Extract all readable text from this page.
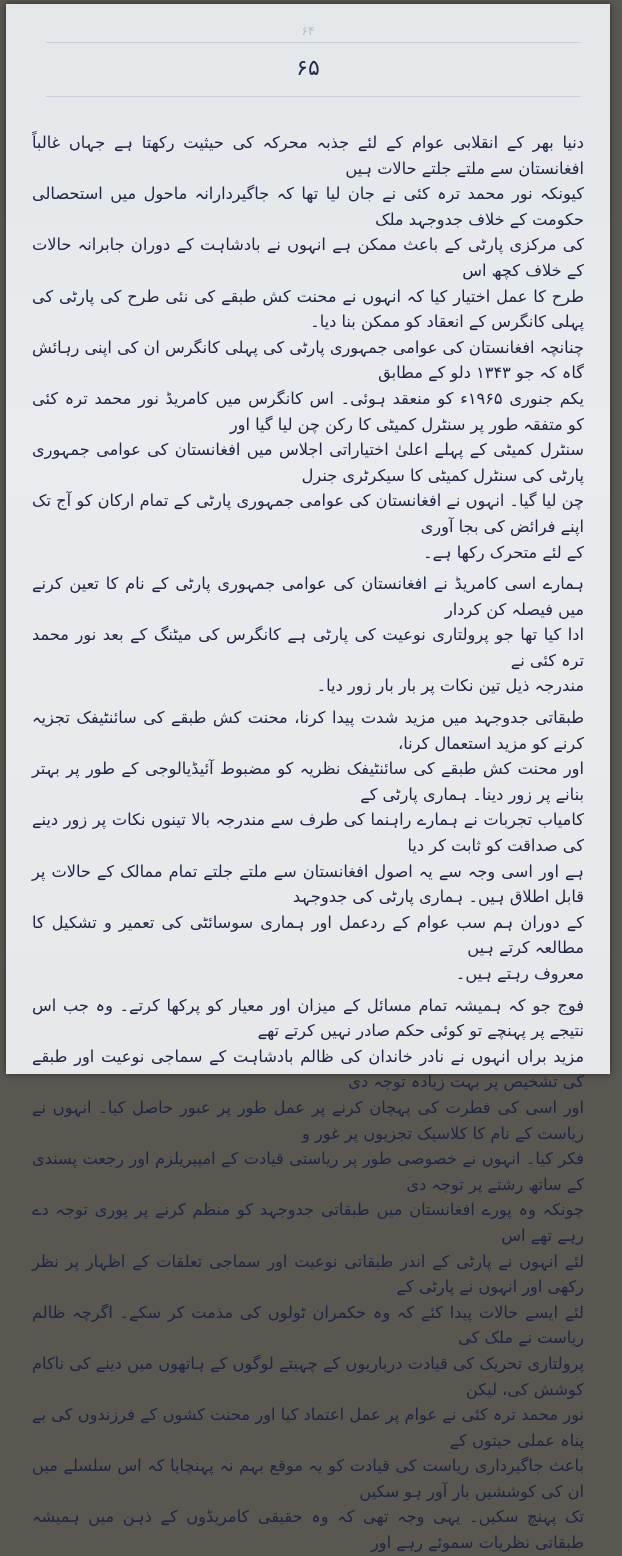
۶۴
۶۵

دنیا بھر کے انقلابی عوام کے لئے جذبہ محرکہ کی حیثیت رکھتا ہے جہاں غالباً افغانستان سے ملتے جلتے حالات ہیں
کیونکہ نور محمد ترہ کئی نے جان لیا تھا کہ جاگیردارانہ ماحول میں استحصالی حکومت کے خلاف جدوجہد ملک
کی مرکزی پارٹی کے باعث ممکن ہے انہوں نے بادشاہت کے دوران جابرانہ حالات کے خلاف کچھ اس
طرح کا عمل اختیار کیا کہ انہوں نے محنت کش طبقے کی نئی طرح کی پارٹی کی پہلی کانگرس کے انعقاد کو ممکن بنا دیا۔
چنانچہ افغانستان کی عوامی جمہوری پارٹی کی پہلی کانگرس ان کی اپنی رہائش گاہ کہ جو ۱۳۴۳ دلو کے مطابق
یکم جنوری ۱۹۶۵ء کو منعقد ہوئی۔ اس کانگرس میں کامریڈ نور محمد ترہ کئی کو متفقہ طور پر سنٹرل کمیٹی کا رکن چن لیا گیا اور
سنٹرل کمیٹی کے پہلے اعلیٰ اختیاراتی اجلاس میں افغانستان کی عوامی جمہوری پارٹی کی سنٹرل کمیٹی کا سیکرٹری جنرل
چن لیا گیا۔ انہوں نے افغانستان کی عوامی جمہوری پارٹی کے تمام ارکان کو آج تک اپنے فرائض کی بجا آوری
کے لئے متحرک رکھا ہے۔

ہمارے اسی کامریڈ نے افغانستان کی عوامی جمہوری پارٹی کے نام کا تعین کرنے میں فیصلہ کن کردار
ادا کیا تھا جو پرولتاری نوعیت کی پارٹی ہے کانگرس کی میٹنگ کے بعد نور محمد ترہ کئی نے
مندرجہ ذیل تین نکات پر بار بار زور دیا۔

طبقاتی جدوجہد میں مزید شدت پیدا کرنا، محنت کش طبقے کی سائنٹیفک تجزیہ کرنے کو مزید استعمال کرنا،
اور محنت کش طبقے کی سائنٹیفک نظریہ کو مضبوط آئیڈیالوجی کے طور پر بہتر بنانے پر زور دینا۔ ہماری پارٹی کے
کامیاب تجربات نے ہمارے راہنما کی طرف سے مندرجہ بالا تینوں نکات پر زور دینے کی صداقت کو ثابت کر دیا
ہے اور اسی وجہ سے یہ اصول افغانستان سے ملتے جلتے تمام ممالک کے حالات پر قابل اطلاق ہیں۔ ہماری پارٹی کی جدوجہد
کے دوران ہم سب عوام کے ردعمل اور ہماری سوسائٹی کی تعمیر و تشکیل کا مطالعہ کرتے ہیں
معروف رہتے ہیں۔

فوج جو کہ ہمیشہ تمام مسائل کے میزان اور معیار کو پرکھا کرتے۔ وہ جب اس نتیجے پر پہنچے تو کوئی حکم صادر نہیں کرتے تھے
مزید براں انہوں نے نادر خاندان کی ظالم بادشاہت کے سماجی نوعیت اور طبقے کی تشخیص پر بہت زیادہ توجہ دی
اور اسی کی فطرت کی پہچان کرنے پر عمل طور پر عبور حاصل کیا۔ انہوں نے ریاست کے نام کا کلاسیک تجزیوں پر غور و
فکر کیا۔ انہوں نے خصوصی طور پر ریاستی قیادت کے امپیریلزم اور رجعت پسندی کے ساتھ رشتے پر توجہ دی
چونکہ وہ پورے افغانستان میں طبقاتی جدوجہد کو منظم کرنے پر پوری توجہ دے رہے تھے اس
لئے انہوں نے پارٹی کے اندر طبقاتی نوعیت اور سماجی تعلقات کے اظہار پر نظر رکھی اور انہوں نے پارٹی کے
لئے ایسے حالات پیدا کئے کہ وہ حکمران ٹولوں کی مذمت کر سکے۔ اگرچہ ظالم ریاست نے ملک کی
پرولتاری تحریک کی قیادت درباریوں کے چہیتے لوگوں کے ہاتھوں میں دینے کی ناکام کوشش کی، لیکن
نور محمد ترہ کئی نے عوام پر عمل اعتماد کیا اور محنت کشوں کے فرزندوں کی بے پناہ عملی جیتوں کے
باعث جاگیرداری ریاست کی قیادت کو یہ موقع بہم نہ پہنچایا کہ اس سلسلے میں ان کی کوششیں بار آور ہو سکیں
تک پہنچ سکیں۔ یہی وجہ تھی کہ وہ حقیقی کامریڈوں کے ذہن میں ہمیشہ طبقاتی نظریات سموئے رہے اور
